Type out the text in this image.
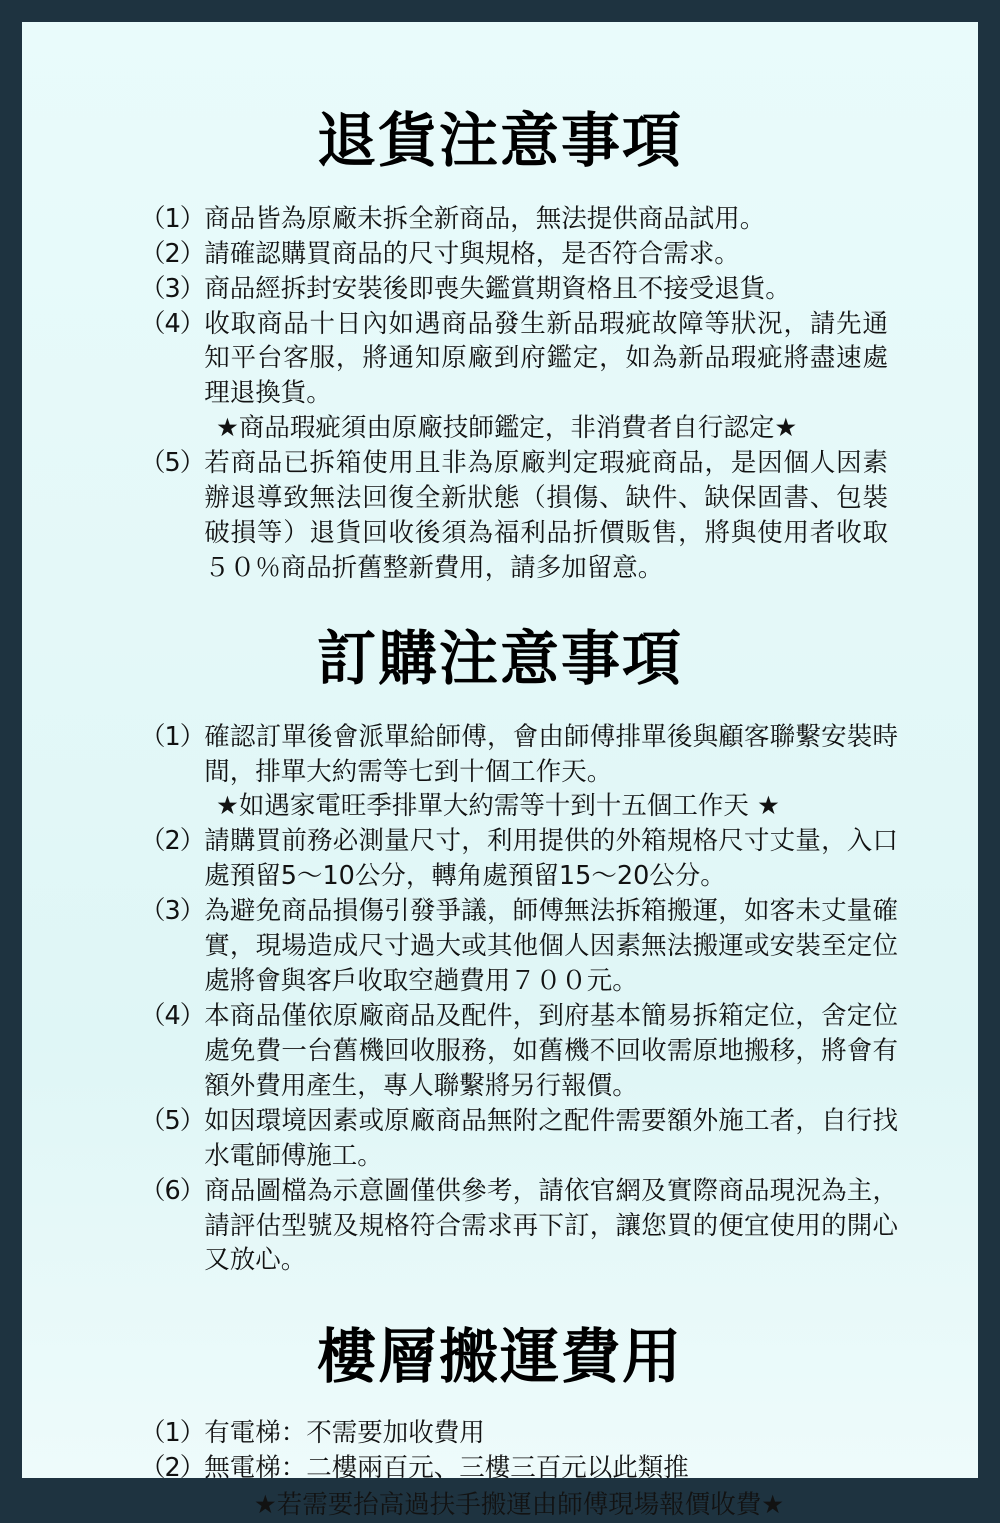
退貨注意事項
（1） 商品皆為原廠未拆全新商品，無法提供商品試用。
（2） 請確認購買商品的尺寸與規格，是否符合需求。
（3） 商品經拆封安裝後即喪失鑑賞期資格且不接受退貨。
（4） 收取商品十日內如遇商品發生新品瑕疵故障等狀況，請先通知平台客服，將通知原廠到府鑑定，如為新品瑕疵將盡速處理退換貨。
★商品瑕疵須由原廠技師鑑定，非消費者自行認定★
（5） 若商品已拆箱使用且非為原廠判定瑕疵商品，是因個人因素辦退導致無法回復全新狀態（損傷、缺件、缺保固書、包裝破損等）退貨回收後須為福利品折價販售，將與使用者收取５０％商品折舊整新費用，請多加留意。
訂購注意事項
（1） 確認訂單後會派單給師傅，會由師傅排單後與顧客聯繫安裝時間，排單大約需等七到十個工作天。
★如遇家電旺季排單大約需等十到十五個工作天 ★
（2） 請購買前務必測量尺寸，利用提供的外箱規格尺寸丈量，入口處預留5～10公分，轉角處預留15～20公分。
（3） 為避免商品損傷引發爭議，師傅無法拆箱搬運，如客未丈量確實，現場造成尺寸過大或其他個人因素無法搬運或安裝至定位處將會與客戶收取空趟費用７００元。
（4） 本商品僅依原廠商品及配件，到府基本簡易拆箱定位，舍定位處免費一台舊機回收服務，如舊機不回收需原地搬移，將會有額外費用產生，專人聯繫將另行報價。
（5） 如因環境因素或原廠商品無附之配件需要額外施工者，自行找水電師傅施工。
（6） 商品圖檔為示意圖僅供參考，請依官網及實際商品現況為主，請評估型號及規格符合需求再下訂，讓您買的便宜使用的開心又放心。
樓層搬運費用
（1） 有電梯：不需要加收費用
（2） 無電梯：二樓兩百元、三樓三百元以此類推
★若需要抬高過扶手搬運由師傅現場報價收費★
